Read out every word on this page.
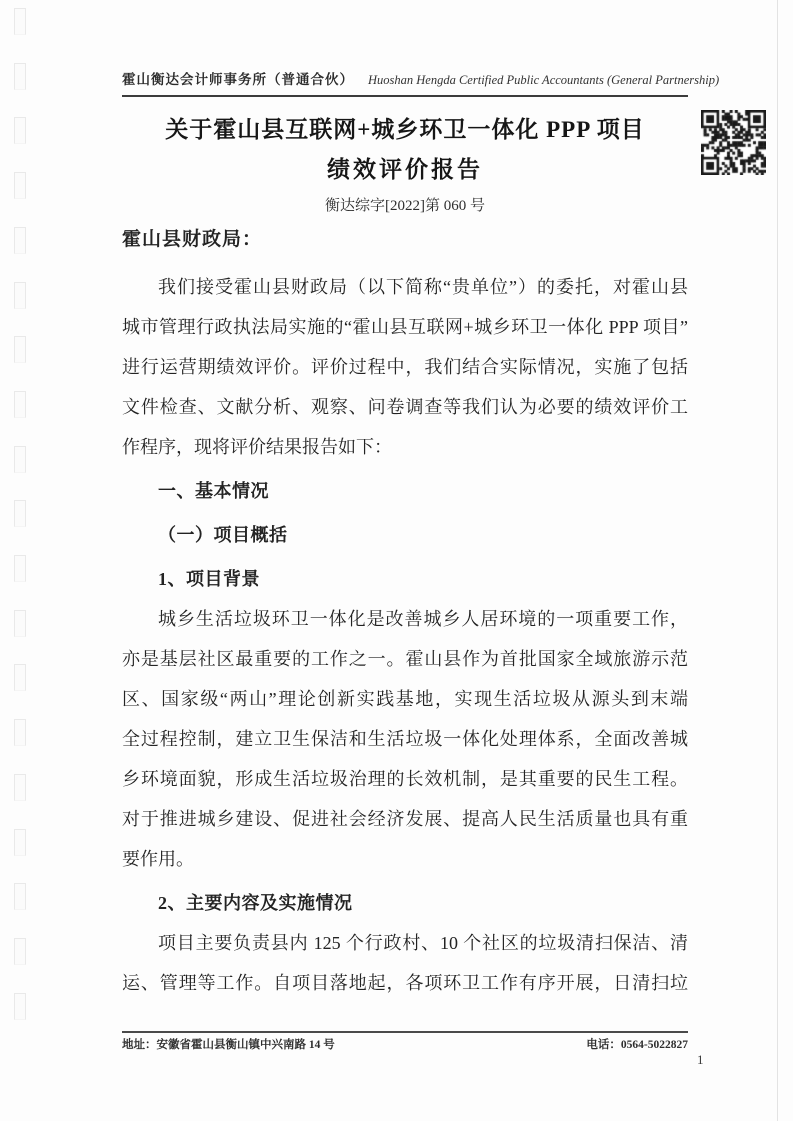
霍山衡达会计师事务所（普通合伙） Huoshan Hengda Certified Public Accountants (General Partnership)
关于霍山县互联网+城乡环卫一体化 PPP 项目
绩效评价报告
衡达综字[2022]第 060 号
霍山县财政局：
我们接受霍山县财政局（以下简称“贵单位”）的委托，对霍山县
城市管理行政执法局实施的“霍山县互联网+城乡环卫一体化 PPP 项目”
进行运营期绩效评价。评价过程中，我们结合实际情况，实施了包括
文件检查、文献分析、观察、问卷调查等我们认为必要的绩效评价工
作程序，现将评价结果报告如下：
一、基本情况
（一）项目概括
1、项目背景
城乡生活垃圾环卫一体化是改善城乡人居环境的一项重要工作，
亦是基层社区最重要的工作之一。霍山县作为首批国家全域旅游示范
区、国家级“两山”理论创新实践基地，实现生活垃圾从源头到末端
全过程控制，建立卫生保洁和生活垃圾一体化处理体系，全面改善城
乡环境面貌，形成生活垃圾治理的长效机制，是其重要的民生工程。
对于推进城乡建设、促进社会经济发展、提高人民生活质量也具有重
要作用。
2、主要内容及实施情况
项目主要负责县内 125 个行政村、10 个社区的垃圾清扫保洁、清
运、管理等工作。自项目落地起，各项环卫工作有序开展，日清扫垃
地址：安徽省霍山县衡山镇中兴南路 14 号	电话：0564-5022827
1
